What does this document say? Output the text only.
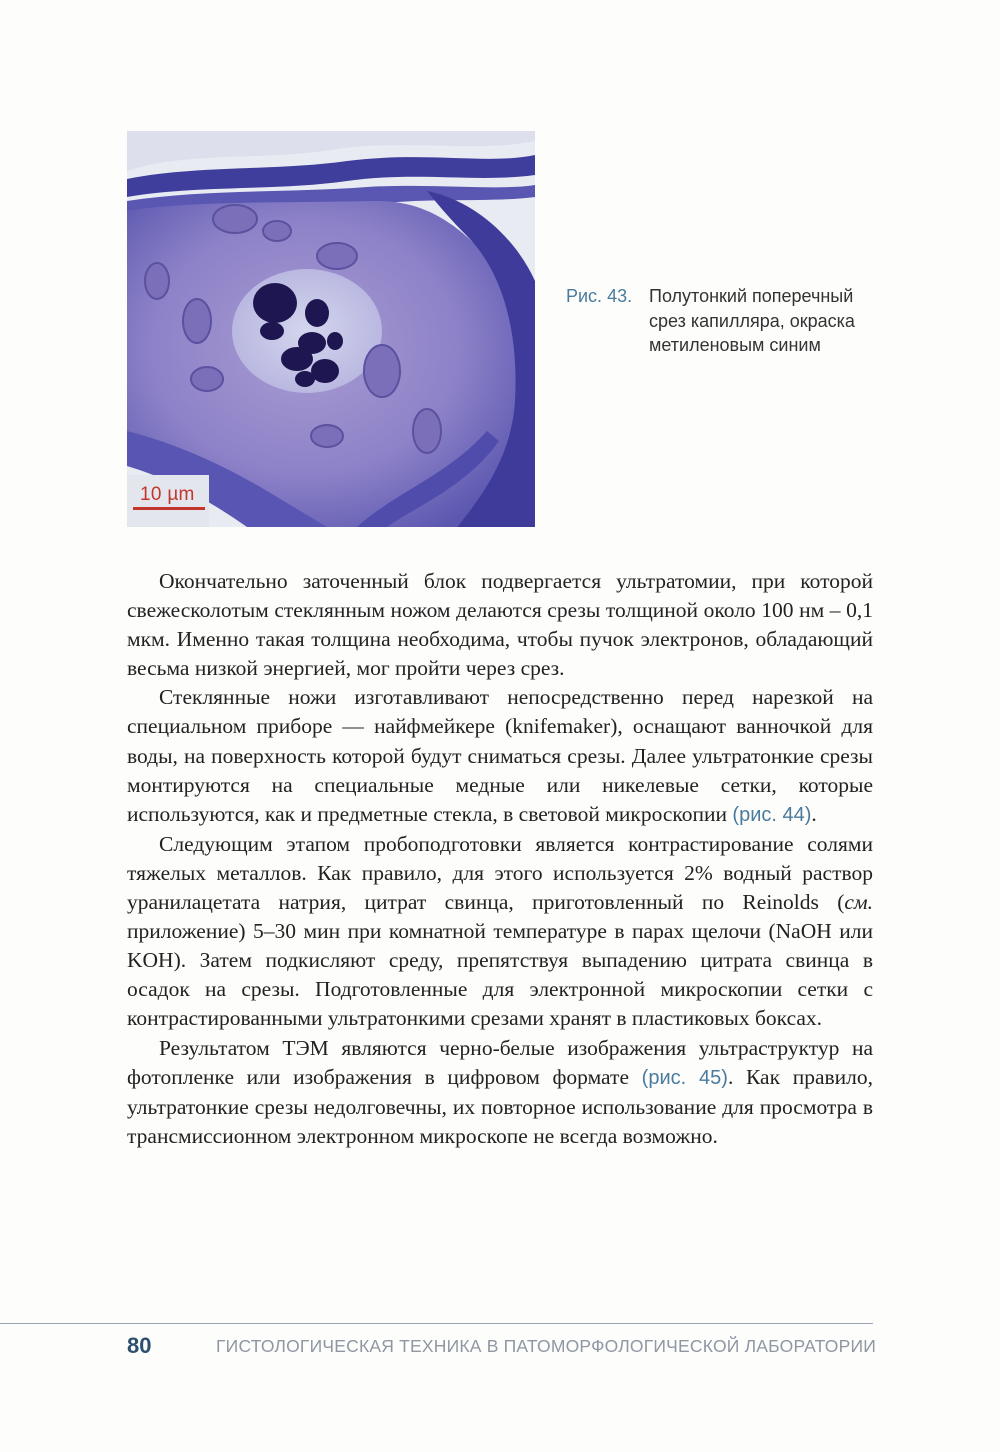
10 µm
Рис. 43. Полутонкий поперечный срез капилляра, окраска метиленовым синим

Окончательно заточенный блок подвергается ультратомии, при которой свежесколотым стеклянным ножом делаются срезы толщиной около 100 нм – 0,1 мкм. Именно такая толщина необходима, чтобы пучок электронов, обладающий весьма низкой энергией, мог пройти через срез.

Стеклянные ножи изготавливают непосредственно перед нарезкой на специальном приборе — найфмейкере (knifemaker), оснащают ванночкой для воды, на поверхность которой будут сниматься срезы. Далее ультратонкие срезы монтируются на специальные медные или никелевые сетки, которые используются, как и предметные стекла, в световой микроскопии (рис. 44).

Следующим этапом пробоподготовки является контрастирование солями тяжелых металлов. Как правило, для этого используется 2% водный раствор уранилацетата натрия, цитрат свинца, приготовленный по Reinolds (см. приложение) 5–30 мин при комнатной температуре в парах щелочи (NaOH или KOH). Затем подкисляют среду, препятствуя выпадению цитрата свинца в осадок на срезы. Подготовленные для электронной микроскопии сетки с контрастированными ультратонкими срезами хранят в пластиковых боксах.

Результатом ТЭМ являются черно-белые изображения ультраструктур на фотопленке или изображения в цифровом формате (рис. 45). Как правило, ультратонкие срезы недолговечны, их повторное использование для просмотра в трансмиссионном электронном микроскопе не всегда возможно.

80	ГИСТОЛОГИЧЕСКАЯ ТЕХНИКА В ПАТОМОРФОЛОГИЧЕСКОЙ ЛАБОРАТОРИИ
